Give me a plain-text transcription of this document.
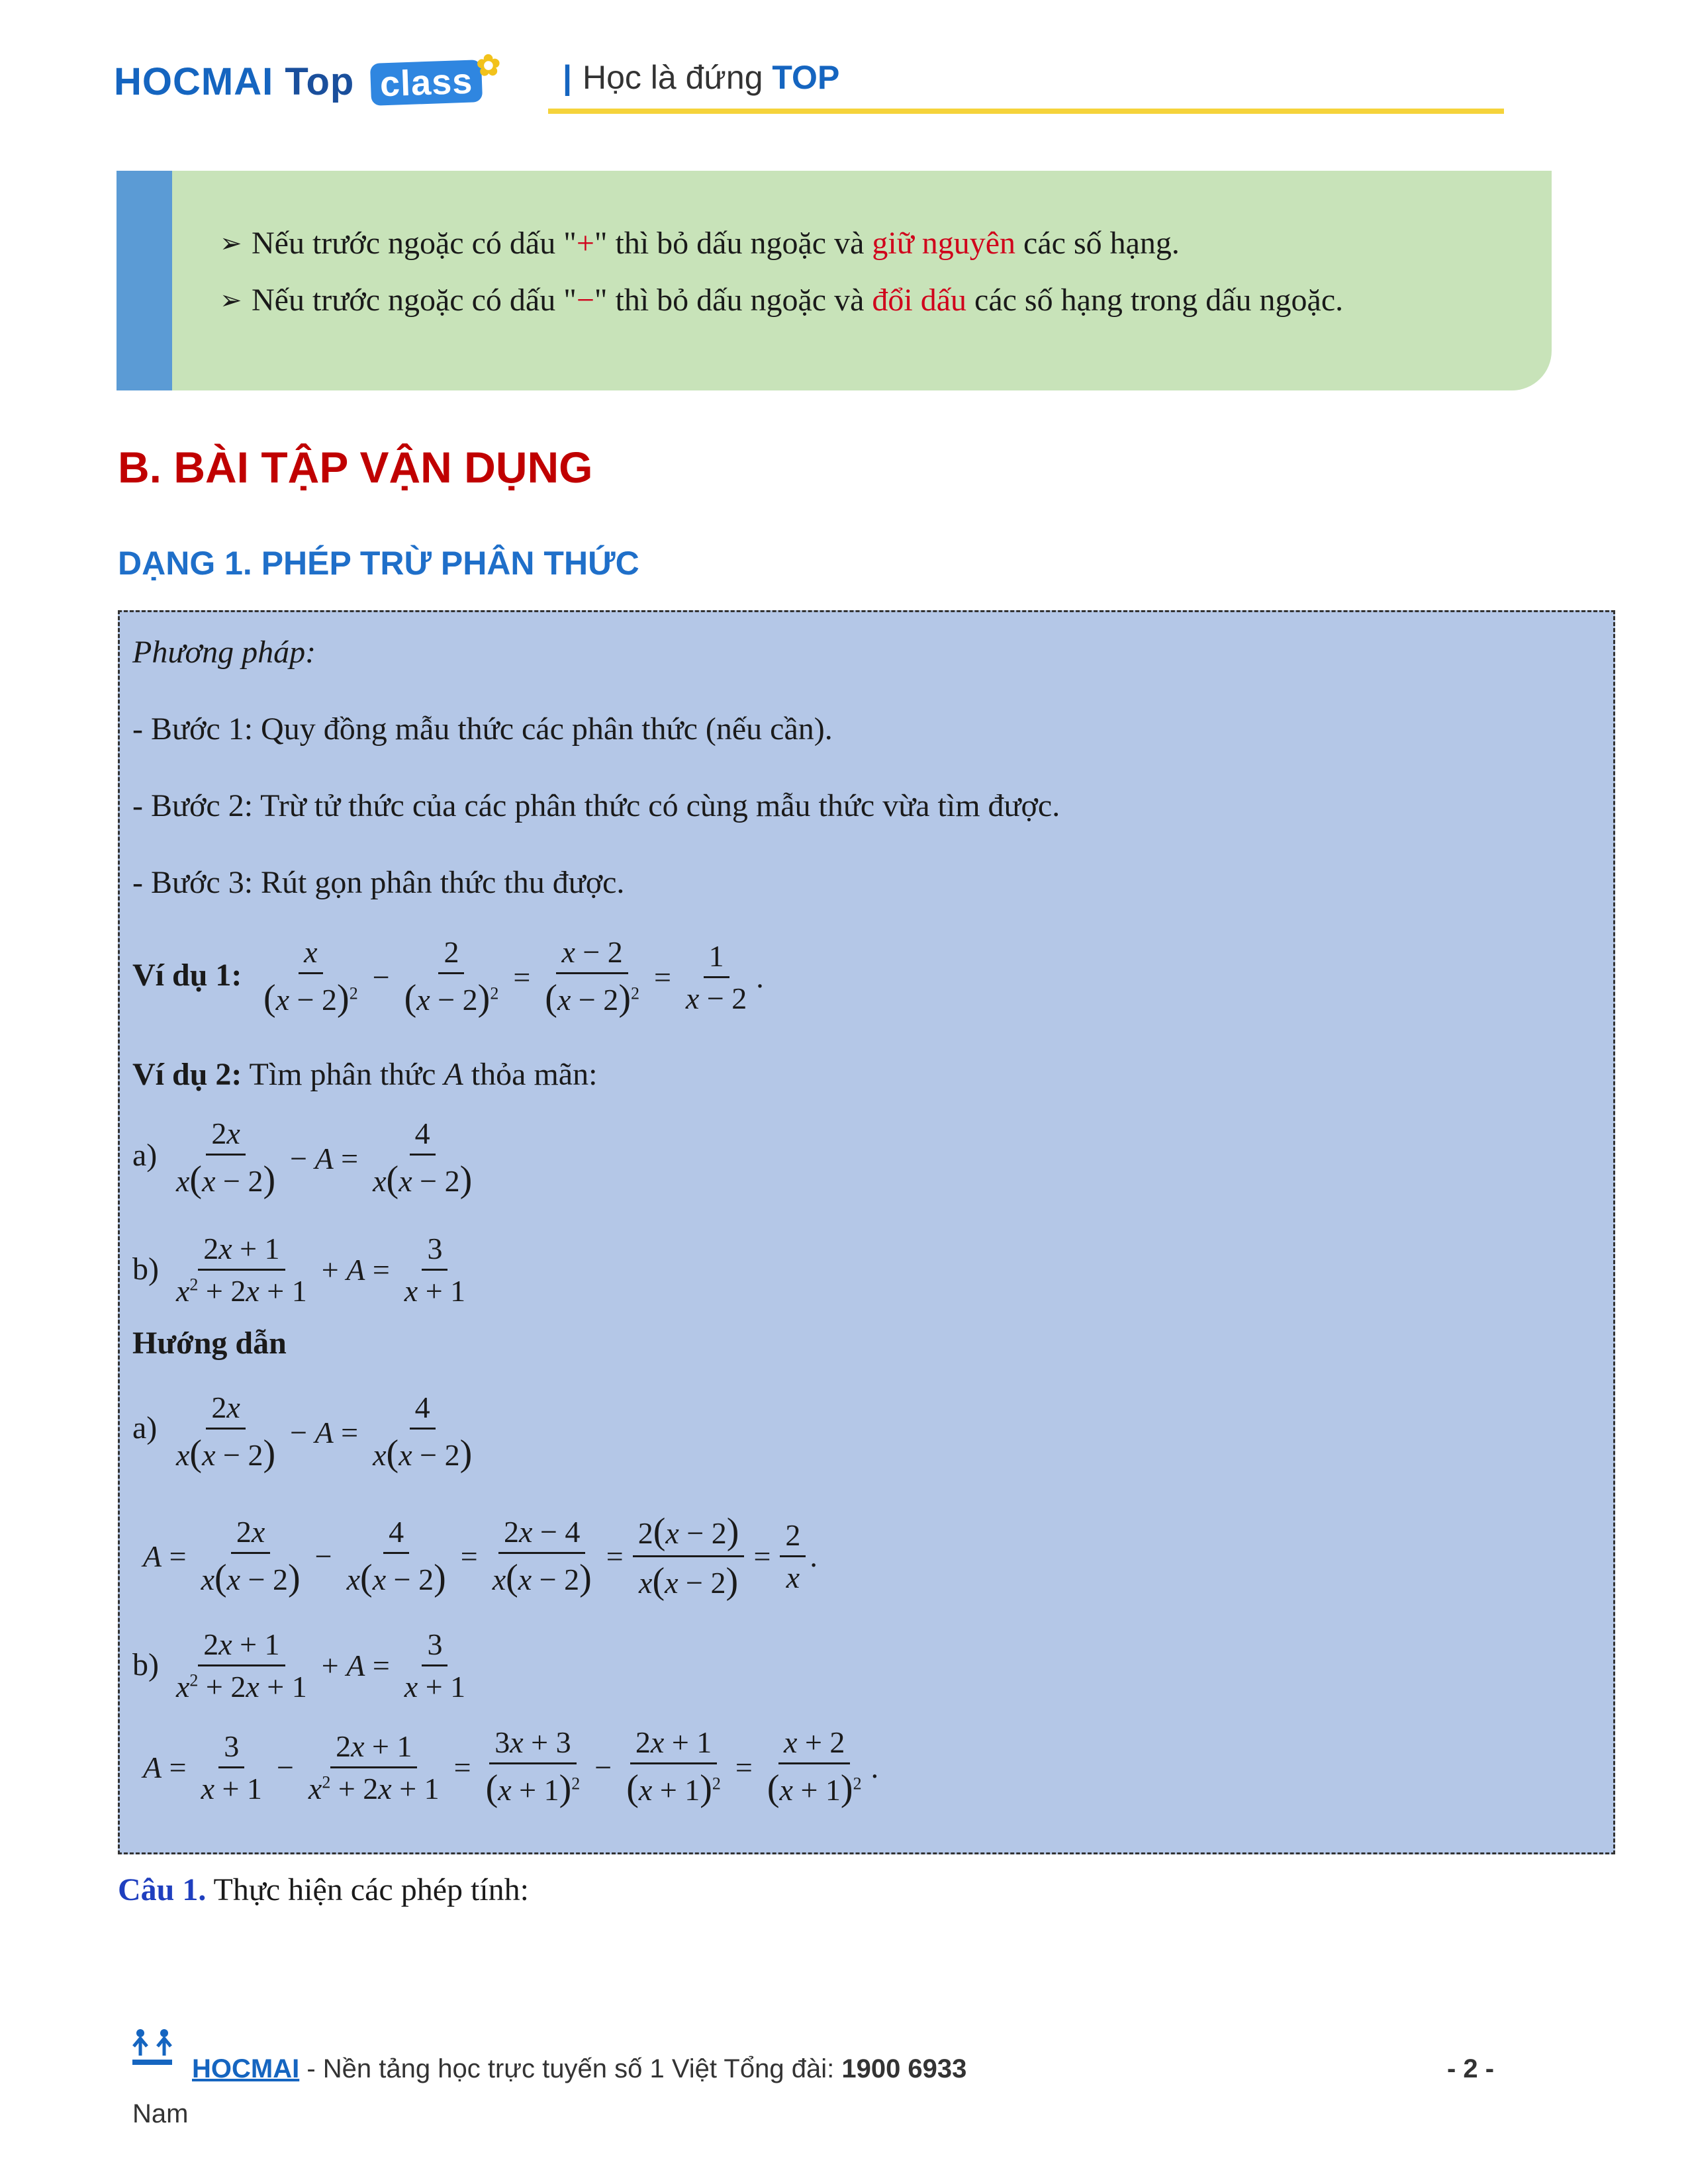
HOCMAI Top class ✿ | Học là đứng TOP
➢ Nếu trước ngoặc có dấu "+" thì bỏ dấu ngoặc và giữ nguyên các số hạng.
➢ Nếu trước ngoặc có dấu "−" thì bỏ dấu ngoặc và đổi dấu các số hạng trong dấu ngoặc.
B. BÀI TẬP VẬN DỤNG
DẠNG 1. PHÉP TRỪ PHÂN THỨC
Phương pháp:
- Bước 1: Quy đồng mẫu thức các phân thức (nếu cần).
- Bước 2: Trừ tử thức của các phân thức có cùng mẫu thức vừa tìm được.
- Bước 3: Rút gọn phân thức thu được.
Ví dụ 1:
x
$(x - 2)^2 - \frac{2}{(x - 2)^2} = \frac{x - 2}{(x - 2)^2} = \frac{1}{x - 2}$ .
Ví dụ 2: Tìm phân thức A thỏa mãn:
a)
2x
x(x − 2)
− $A = \frac{4}{x(x - 2)}$
b)
2x + 1
$x^2 + 2x + 1$
+ $A = \frac{3}{x + 1}$
Hướng dẫn
a)
2x
x(x − 2)
− $A = \frac{4}{x(x - 2)}$
$A = \frac{2x}{x(x - 2)} - \frac{4}{x(x - 2)} = \frac{2x - 4}{x(x - 2)} = \frac{2(x - 2)}{x(x - 2)} = \frac{2}{x}$ .
b)
2x + 1
$x^2 + 2x + 1$
+ $A = \frac{3}{x + 1}$
$A = \frac{3}{x + 1} - \frac{2x + 1}{x^2 + 2x + 1} = \frac{3x + 3}{(x + 1)^2} - \frac{2x + 1}{(x + 1)^2} = \frac{x + 2}{(x + 1)^2}$ .
Câu 1. Thực hiện các phép tính:
HOCMAI - Nền tảng học trực tuyến số 1 Việt Tổng đài: 1900 6933	- 2 -
Nam
